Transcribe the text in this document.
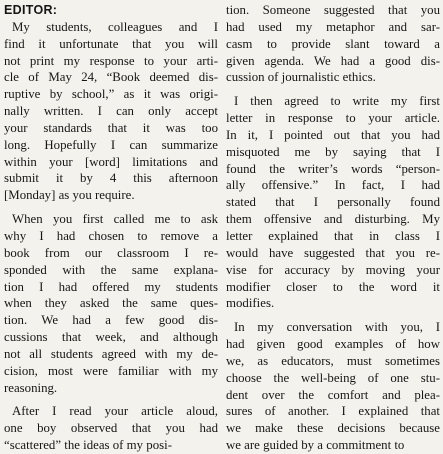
EDITOR:
My students, colleagues and I
find it unfortunate that you will
not print my response to your arti-
cle of May 24, “Book deemed dis-
ruptive by school,” as it was origi-
nally written. I can only accept
your standards that it was too
long. Hopefully I can summarize
within your [word] limitations and
submit it by 4 this afternoon
[Monday] as you require.
When you first called me to ask
why I had chosen to remove a
book from our classroom I re-
sponded with the same explana-
tion I had offered my students
when they asked the same ques-
tion. We had a few good dis-
cussions that week, and although
not all students agreed with my de-
cision, most were familiar with my
reasoning.
After I read your article aloud,
one boy observed that you had
“scattered” the ideas of my posi-
tion. Someone suggested that you
had used my metaphor and sar-
casm to provide slant toward a
given agenda. We had a good dis-
cussion of journalistic ethics.
I then agreed to write my first
letter in response to your article.
In it, I pointed out that you had
misquoted me by saying that I
found the writer’s words “person-
ally offensive.” In fact, I had
stated that I personally found
them offensive and disturbing. My
letter explained that in class I
would have suggested that you re-
vise for accuracy by moving your
modifier closer to the word it
modifies.
In my conversation with you, I
had given good examples of how
we, as educators, must sometimes
choose the well-being of one stu-
dent over the comfort and plea-
sures of another. I explained that
we make these decisions because
we are guided by a commitment to
